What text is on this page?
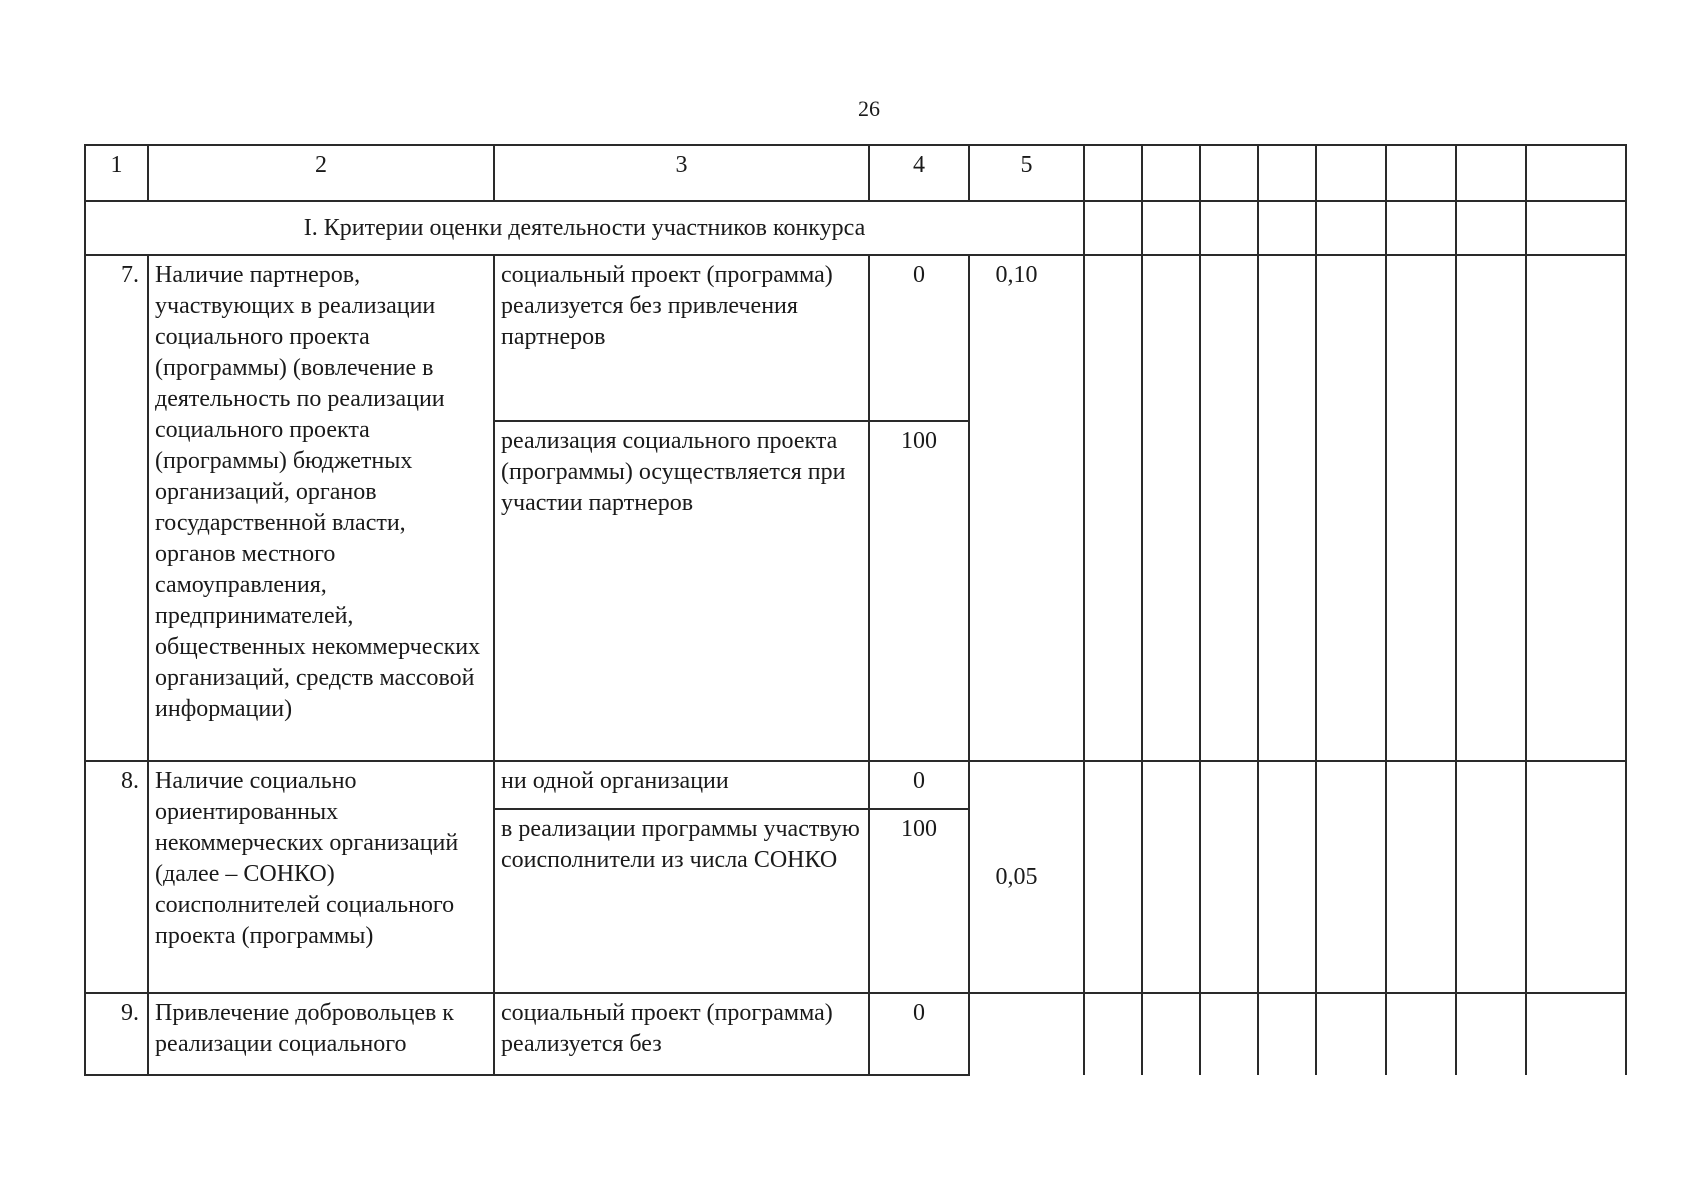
26
1	2	3	4	5								
I. Критерии оценки деятельности участников конкурса												
7.	Наличие партнеров, участвующих в реализации социального проекта (программы) (вовлечение в деятельность по реализации социального проекта (программы) бюджетных организаций, органов государственной власти, органов местного самоуправления, предпринимателей, общественных некоммерческих организаций, средств массовой информации)	социальный проект (программа) реализуется без привлечения партнеров	0	0,10								
		реализация социального проекта (программы) осуществляется при участии партнеров	100									
8.	Наличие социально ориентированных некоммерческих организаций (далее – СОНКО) соисполнителей социального проекта (программы)	ни одной организации	0	0,05								
		в реализации программы участвую соисполнители из числа СОНКО	100									
9.	Привлечение добровольцев к реализации социального	социальный проект (программа) реализуется без	0									
